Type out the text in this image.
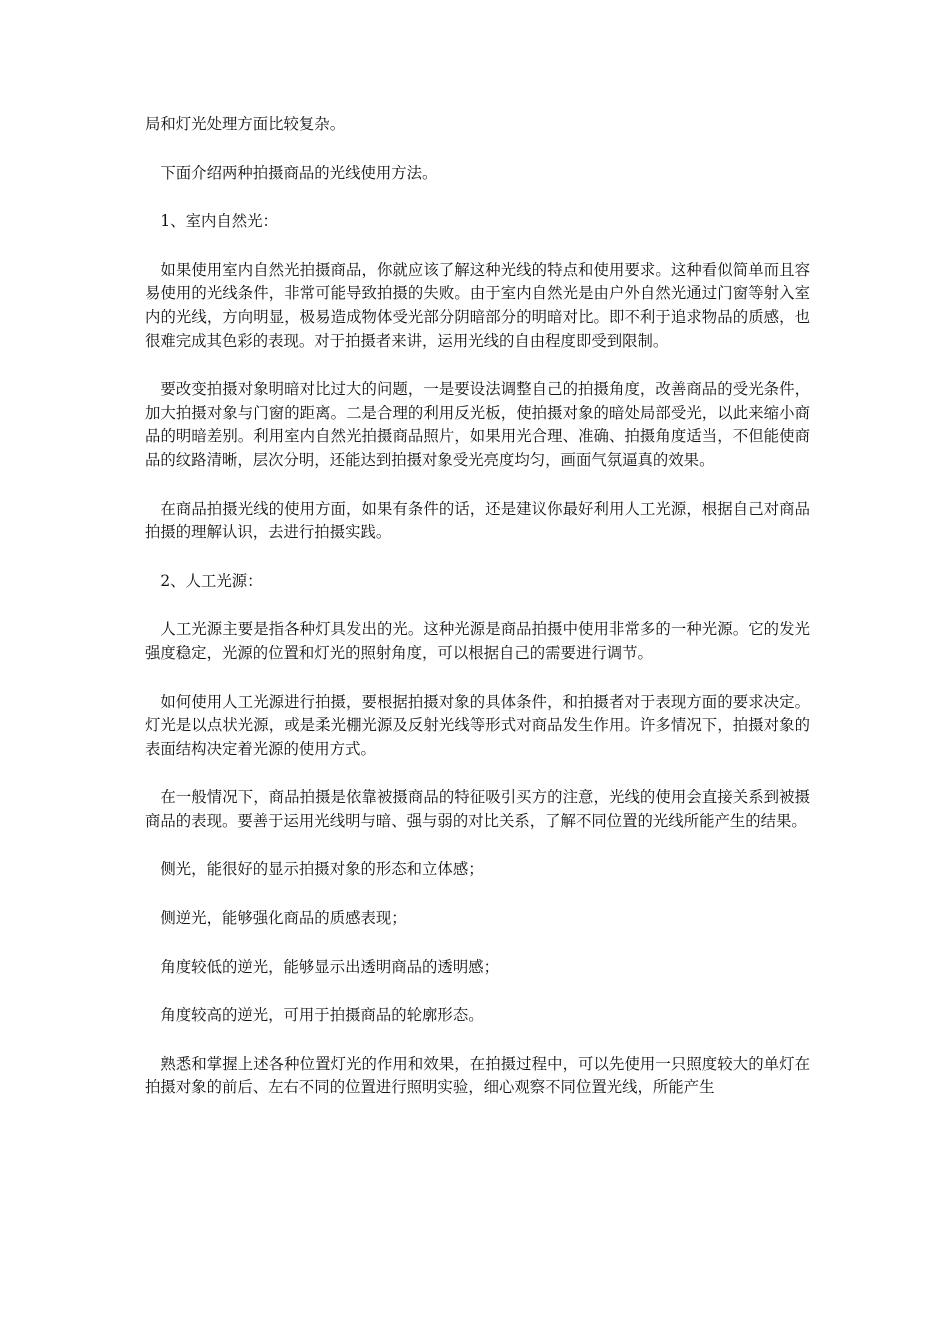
局和灯光处理方面比较复杂。

下面介绍两种拍摄商品的光线使用方法。

1、室内自然光：

如果使用室内自然光拍摄商品，你就应该了解这种光线的特点和使用要求。这种看似简单而且容易使用的光线条件，非常可能导致拍摄的失败。由于室内自然光是由户外自然光通过门窗等射入室内的光线，方向明显，极易造成物体受光部分阴暗部分的明暗对比。即不利于追求物品的质感，也很难完成其色彩的表现。对于拍摄者来讲，运用光线的自由程度即受到限制。

要改变拍摄对象明暗对比过大的问题，一是要设法调整自己的拍摄角度，改善商品的受光条件，加大拍摄对象与门窗的距离。二是合理的利用反光板，使拍摄对象的暗处局部受光，以此来缩小商品的明暗差别。利用室内自然光拍摄商品照片，如果用光合理、准确、拍摄角度适当，不但能使商品的纹路清晰，层次分明，还能达到拍摄对象受光亮度均匀，画面气氛逼真的效果。

在商品拍摄光线的使用方面，如果有条件的话，还是建议你最好利用人工光源，根据自己对商品拍摄的理解认识，去进行拍摄实践。

2、人工光源：

人工光源主要是指各种灯具发出的光。这种光源是商品拍摄中使用非常多的一种光源。它的发光强度稳定，光源的位置和灯光的照射角度，可以根据自己的需要进行调节。

如何使用人工光源进行拍摄，要根据拍摄对象的具体条件，和拍摄者对于表现方面的要求决定。灯光是以点状光源，或是柔光棚光源及反射光线等形式对商品发生作用。许多情况下，拍摄对象的表面结构决定着光源的使用方式。

在一般情况下，商品拍摄是依靠被摄商品的特征吸引买方的注意，光线的使用会直接关系到被摄商品的表现。要善于运用光线明与暗、强与弱的对比关系，了解不同位置的光线所能产生的结果。

侧光，能很好的显示拍摄对象的形态和立体感；

侧逆光，能够强化商品的质感表现；

角度较低的逆光，能够显示出透明商品的透明感；

角度较高的逆光，可用于拍摄商品的轮廓形态。

熟悉和掌握上述各种位置灯光的作用和效果，在拍摄过程中，可以先使用一只照度较大的单灯在拍摄对象的前后、左右不同的位置进行照明实验，细心观察不同位置光线，所能产生
